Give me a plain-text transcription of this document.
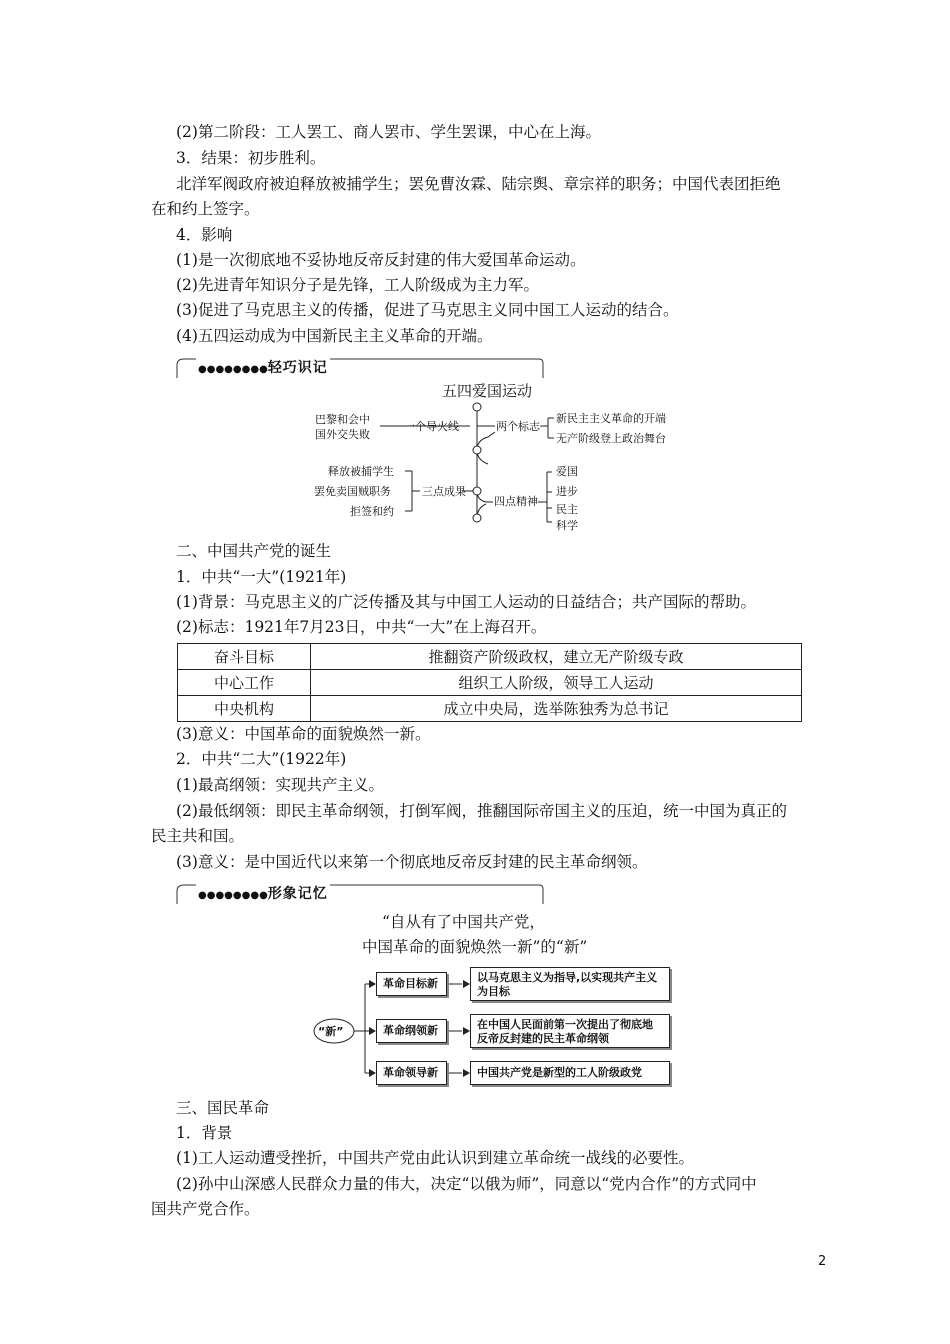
(2)第二阶段：工人罢工、商人罢市、学生罢课，中心在上海。
3．结果：初步胜利。
北洋军阀政府被迫释放被捕学生；罢免曹汝霖、陆宗舆、章宗祥的职务；中国代表团拒绝
在和约上签字。
4．影响
(1)是一次彻底地不妥协地反帝反封建的伟大爱国革命运动。
(2)先进青年知识分子是先锋，工人阶级成为主力军。
(3)促进了马克思主义的传播，促进了马克思主义同中国工人运动的结合。
(4)五四运动成为中国新民主主义革命的开端。
●●●●●●●●轻巧识记
五四爱国运动
巴黎和会中
国外交失败
一个导火线	两个标志
新民主主义革命的开端
无产阶级登上政治舞台
释放被捕学生
罢免卖国贼职务
拒签和约
三点成果
四点精神
爱国
进步
民主
科学
二、中国共产党的诞生
1．中共“一大”(1921年)
(1)背景：马克思主义的广泛传播及其与中国工人运动的日益结合；共产国际的帮助。
(2)标志：1921年7月23日，中共“一大”在上海召开。
奋斗目标	推翻资产阶级政权，建立无产阶级专政
中心工作	组织工人阶级，领导工人运动
中央机构	成立中央局，选举陈独秀为总书记
(3)意义：中国革命的面貌焕然一新。
2．中共“二大”(1922年)
(1)最高纲领：实现共产主义。
(2)最低纲领：即民主革命纲领，打倒军阀，推翻国际帝国主义的压迫，统一中国为真正的
民主共和国。
(3)意义：是中国近代以来第一个彻底地反帝反封建的民主革命纲领。
●●●●●●●●形象记忆
“自从有了中国共产党，
中国革命的面貌焕然一新”的“新”
“新”
革命目标新
革命纲领新
革命领导新
以马克思主义为指导,以实现共产主义
为目标
在中国人民面前第一次提出了彻底地
反帝反封建的民主革命纲领
中国共产党是新型的工人阶级政党
三、国民革命
1．背景
(1)工人运动遭受挫折，中国共产党由此认识到建立革命统一战线的必要性。
(2)孙中山深感人民群众力量的伟大，决定“以俄为师”，同意以“党内合作”的方式同中
国共产党合作。
2
